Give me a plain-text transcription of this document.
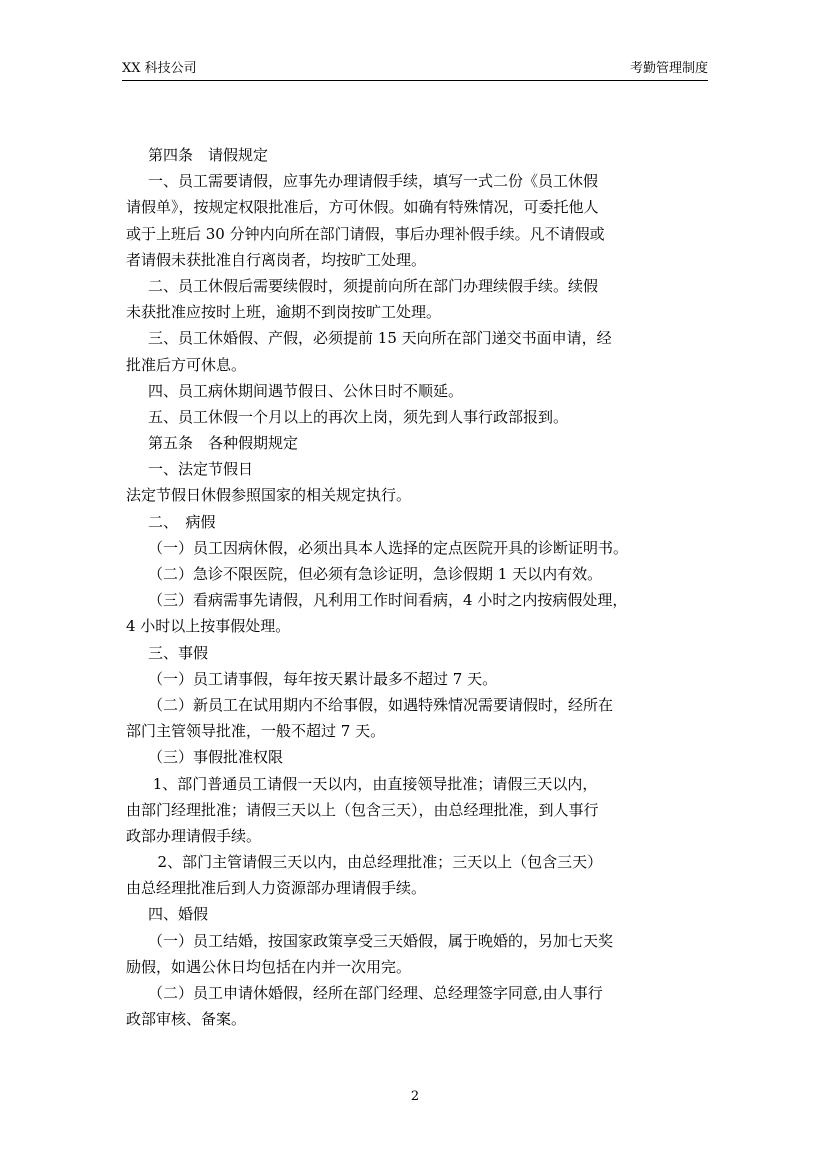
XX 科技公司	考勤管理制度
第四条　请假规定
一、员工需要请假，应事先办理请假手续，填写一式二份《员工休假
请假单》，按规定权限批准后，方可休假。如确有特殊情况，可委托他人
或于上班后 30 分钟内向所在部门请假，事后办理补假手续。凡不请假或
者请假未获批准自行离岗者，均按旷工处理。
二、员工休假后需要续假时，须提前向所在部门办理续假手续。续假
未获批准应按时上班，逾期不到岗按旷工处理。
三、员工休婚假、产假，必须提前 15 天向所在部门递交书面申请，经
批准后方可休息。
四、员工病休期间遇节假日、公休日时不顺延。
五、员工休假一个月以上的再次上岗，须先到人事行政部报到。
第五条　各种假期规定
一、法定节假日
法定节假日休假参照国家的相关规定执行。
二、　病假
（一）员工因病休假，必须出具本人选择的定点医院开具的诊断证明书。
（二）急诊不限医院，但必须有急诊证明，急诊假期 1 天以内有效。
（三）看病需事先请假，凡利用工作时间看病，4 小时之内按病假处理，
4 小时以上按事假处理。
三、事假
（一）员工请事假，每年按天累计最多不超过 7 天。
（二）新员工在试用期内不给事假，如遇特殊情况需要请假时，经所在
部门主管领导批准，一般不超过 7 天。
（三）事假批准权限
1、部门普通员工请假一天以内，由直接领导批准；请假三天以内，
由部门经理批准；请假三天以上（包含三天），由总经理批准，到人事行
政部办理请假手续。
2、部门主管请假三天以内，由总经理批准；三天以上（包含三天）
由总经理批准后到人力资源部办理请假手续。
四、婚假
（一）员工结婚，按国家政策享受三天婚假，属于晚婚的，另加七天奖
励假，如遇公休日均包括在内并一次用完。
（二）员工申请休婚假，经所在部门经理、总经理签字同意,由人事行
政部审核、备案。
2
